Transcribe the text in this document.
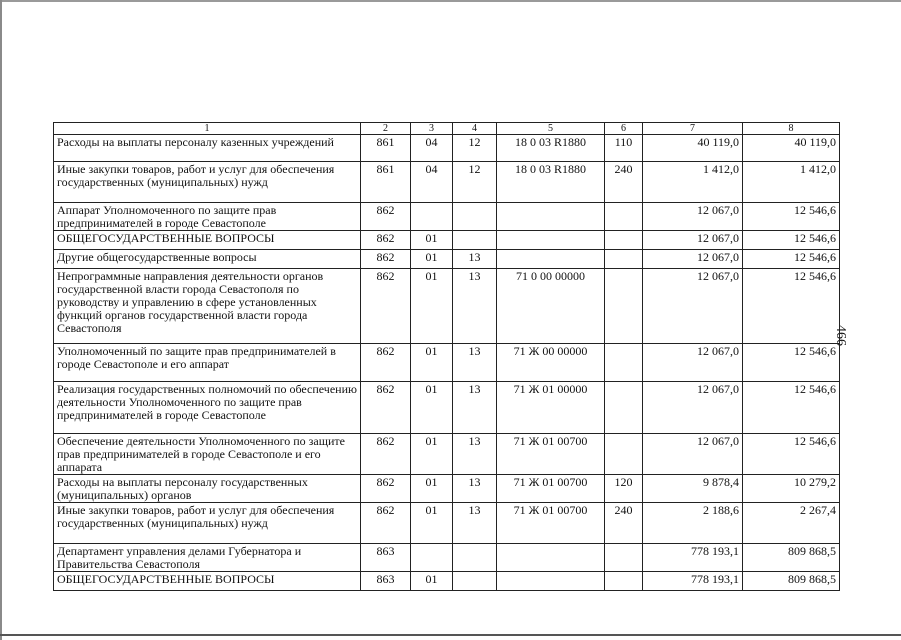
466
1	2	3	4	5	6	7	8
Расходы на выплаты персоналу казенных учреждений	861	04	12	18 0 03 R1880	110	40 119,0	40 119,0
Иные закупки товаров, работ и услуг для обеспечения государственных (муниципальных) нужд	861	04	12	18 0 03 R1880	240	1 412,0	1 412,0
Аппарат Уполномоченного по защите прав предпринимателей в городе Севастополе	862					12 067,0	12 546,6
ОБЩЕГОСУДАРСТВЕННЫЕ ВОПРОСЫ	862	01				12 067,0	12 546,6
Другие общегосударственные вопросы	862	01	13			12 067,0	12 546,6
Непрограммные направления деятельности органов государственной власти города Севастополя по руководству и управлению в сфере установленных функций органов государственной власти города Севастополя	862	01	13	71 0 00 00000		12 067,0	12 546,6
Уполномоченный по защите прав предпринимателей в городе Севастополе и его аппарат	862	01	13	71 Ж 00 00000		12 067,0	12 546,6
Реализация государственных полномочий по обеспечению деятельности Уполномоченного по защите прав предпринимателей в городе Севастополе	862	01	13	71 Ж 01 00000		12 067,0	12 546,6
Обеспечение деятельности Уполномоченного по защите прав предпринимателей в городе Севастополе и его аппарата	862	01	13	71 Ж 01 00700		12 067,0	12 546,6
Расходы на выплаты персоналу государственных (муниципальных) органов	862	01	13	71 Ж 01 00700	120	9 878,4	10 279,2
Иные закупки товаров, работ и услуг для обеспечения государственных (муниципальных) нужд	862	01	13	71 Ж 01 00700	240	2 188,6	2 267,4
Департамент управления делами Губернатора и Правительства Севастополя	863					778 193,1	809 868,5
ОБЩЕГОСУДАРСТВЕННЫЕ ВОПРОСЫ	863	01				778 193,1	809 868,5
